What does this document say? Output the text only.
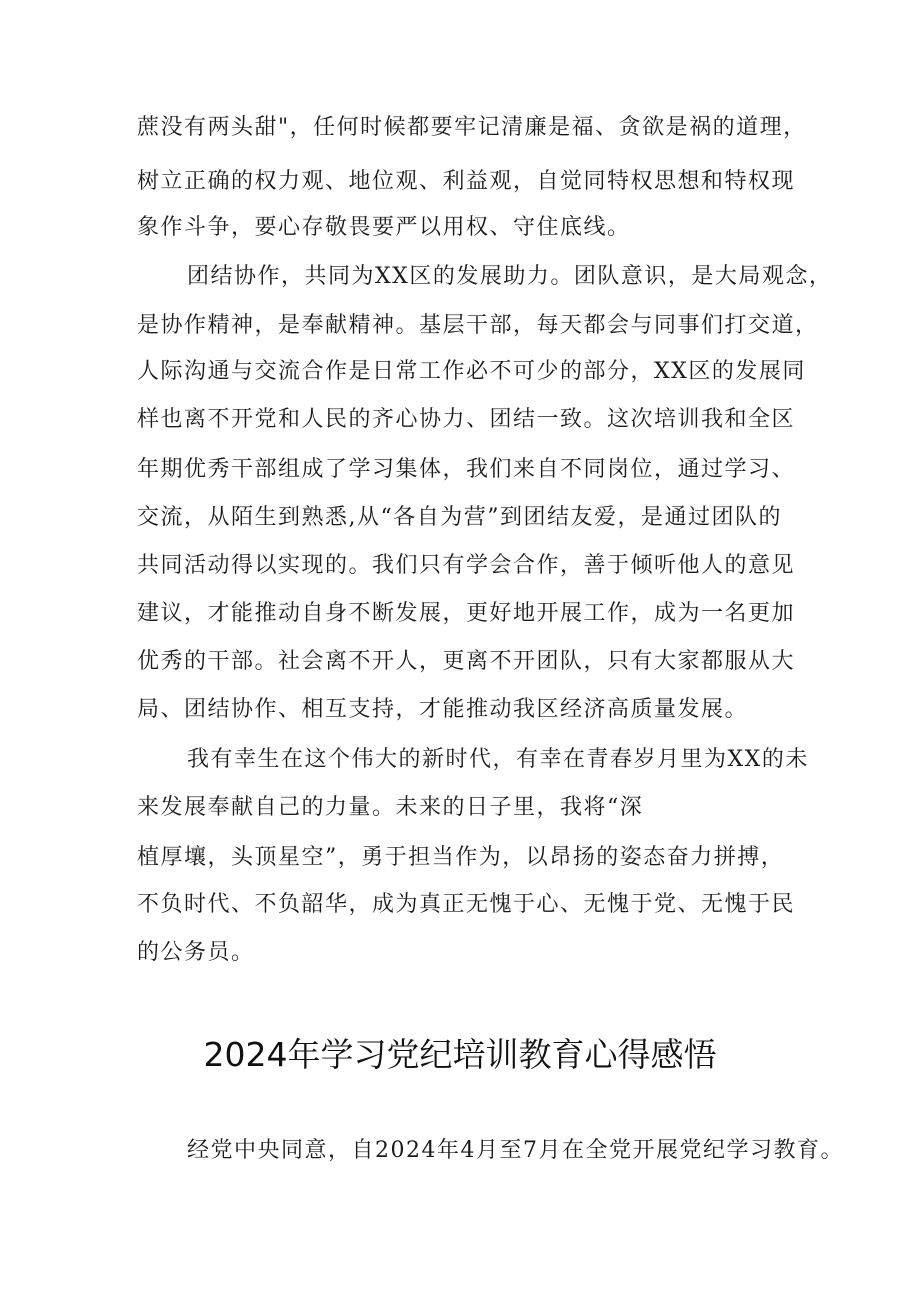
蔗没有两头甜"，任何时候都要牢记清廉是福、贪欲是祸的道理，
树立正确的权力观、地位观、利益观，自觉同特权思想和特权现
象作斗争，要心存敬畏要严以用权、守住底线。
团结协作，共同为XX区的发展助力。团队意识，是大局观念，
是协作精神，是奉献精神。基层干部，每天都会与同事们打交道，
人际沟通与交流合作是日常工作必不可少的部分，XX区的发展同
样也离不开党和人民的齐心协力、团结一致。这次培训我和全区
年期优秀干部组成了学习集体，我们来自不同岗位，通过学习、
交流，从陌生到熟悉,从“各自为营”到团结友爱，是通过团队的
共同活动得以实现的。我们只有学会合作，善于倾听他人的意见
建议，才能推动自身不断发展，更好地开展工作，成为一名更加
优秀的干部。社会离不开人，更离不开团队，只有大家都服从大
局、团结协作、相互支持，才能推动我区经济高质量发展。
我有幸生在这个伟大的新时代，有幸在青春岁月里为XX的未
来发展奉献自己的力量。未来的日子里，我将“深
植厚壤，头顶星空”，勇于担当作为，以昂扬的姿态奋力拼搏，
不负时代、不负韶华，成为真正无愧于心、无愧于党、无愧于民
的公务员。
2024年学习党纪培训教育心得感悟
经党中央同意，自2024年4月至7月在全党开展党纪学习教育。
